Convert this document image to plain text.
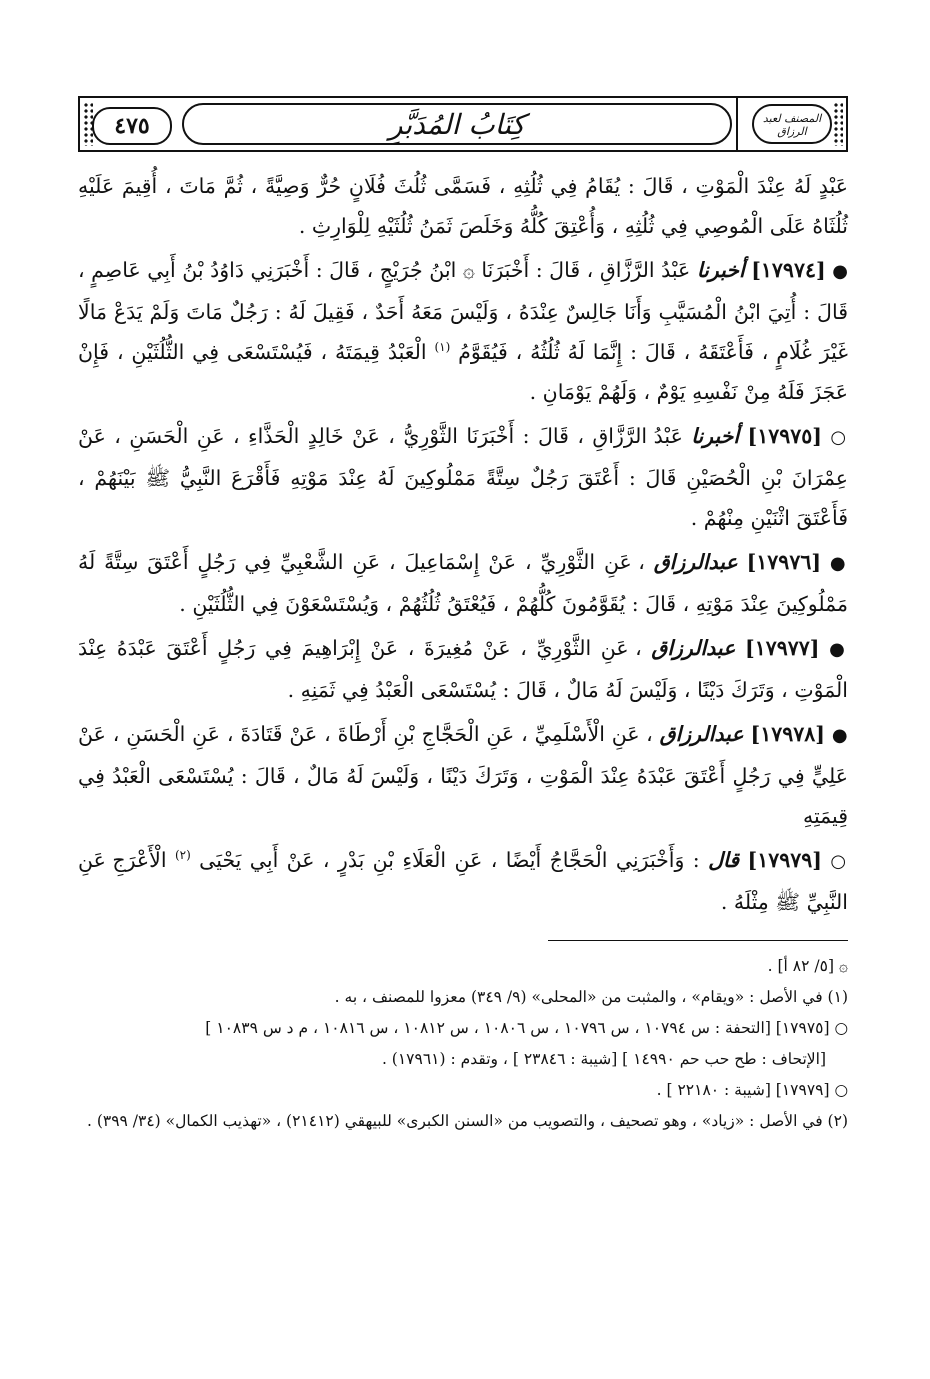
٤٧٥	كِتَابُ المُدَبَّرِ	المصنف لعبد الرزاق

عَبْدٍ لَهُ عِنْدَ الْمَوْتِ ، قَالَ : يُقَامُ فِي ثُلُثِهِ ، فَسَمَّى ثُلُثَ فُلَانٍ حُرٌّ وَصِيَّةً ، ثُمَّ مَاتَ ، أُقِيمَ عَلَيْهِ ثُلُثَاهُ عَلَى الْمُوصِي فِي ثُلُثِهِ ، وَأُعْتِقَ كُلُّهُ وَخَلَصَ ثَمَنُ ثُلُثَيْهِ لِلْوَارِثِ .

● [١٧٩٧٤] أخبرنا عَبْدُ الرَّزَّاقِ ، قَالَ : أَخْبَرَنَا ۞ ابْنُ جُرَيْجٍ ، قَالَ : أَخْبَرَنِي دَاوُدُ بْنُ أَبِي عَاصِمٍ ، قَالَ : أُتِيَ ابْنُ الْمُسَيَّبِ وَأَنَا جَالِسٌ عِنْدَهُ ، وَلَيْسَ مَعَهُ أَحَدٌ ، فَقِيلَ لَهُ : رَجُلٌ مَاتَ وَلَمْ يَدَعْ مَالًا غَيْرَ غُلَامٍ ، فَأَعْتَقَهُ ، قَالَ : إِنَّمَا لَهُ ثُلُثُهُ ، فَيُقَوَّمُ $^{(١)}$ الْعَبْدُ قِيمَتَهُ ، فَيُسْتَسْعَى فِي الثُّلُثَيْنِ ، فَإِنْ عَجَزَ فَلَهُ مِنْ نَفْسِهِ يَوْمٌ ، وَلَهُمْ يَوْمَانِ .

○ [١٧٩٧٥] أخبرنا عَبْدُ الرَّزَّاقِ ، قَالَ : أَخْبَرَنَا الثَّوْرِيُّ ، عَنْ خَالِدٍ الْحَذَّاءِ ، عَنِ الْحَسَنِ ، عَنْ عِمْرَانَ بْنِ الْحُصَيْنِ قَالَ : أَعْتَقَ رَجُلٌ سِتَّةً مَمْلُوكِينَ لَهُ عِنْدَ مَوْتِهِ فَأَقْرَعَ النَّبِيُّ ﷺ بَيْنَهُمْ ، فَأَعْتَقَ اثْنَيْنِ مِنْهُمْ .

● [١٧٩٧٦] عبدالرزاق ، عَنِ الثَّوْرِيِّ ، عَنْ إِسْمَاعِيلَ ، عَنِ الشَّعْبِيِّ فِي رَجُلٍ أَعْتَقَ سِتَّةً لَهُ مَمْلُوكِينَ عِنْدَ مَوْتِهِ ، قَالَ : يُقَوَّمُونَ كُلُّهُمْ ، فَيُعْتَقُ ثُلُثُهُمْ ، وَيُسْتَسْعَوْنَ فِي الثُّلُثَيْنِ .

● [١٧٩٧٧] عبدالرزاق ، عَنِ الثَّوْرِيِّ ، عَنْ مُغِيرَةَ ، عَنْ إِبْرَاهِيمَ فِي رَجُلٍ أَعْتَقَ عَبْدَهُ عِنْدَ الْمَوْتِ ، وَتَرَكَ دَيْنًا ، وَلَيْسَ لَهُ مَالٌ ، قَالَ : يُسْتَسْعَى الْعَبْدُ فِي ثَمَنِهِ .

● [١٧٩٧٨] عبدالرزاق ، عَنِ الْأَسْلَمِيِّ ، عَنِ الْحَجَّاجِ بْنِ أَرْطَاةَ ، عَنْ قَتَادَةَ ، عَنِ الْحَسَنِ ، عَنْ عَلِيٍّ فِي رَجُلٍ أَعْتَقَ عَبْدَهُ عِنْدَ الْمَوْتِ ، وَتَرَكَ دَيْنًا ، وَلَيْسَ لَهُ مَالٌ ، قَالَ : يُسْتَسْعَى الْعَبْدُ فِي قِيمَتِهِ

○ [١٧٩٧٩] قال : وَأَخْبَرَنِي الْحَجَّاجُ أَيْضًا ، عَنِ الْعَلَاءِ بْنِ بَدْرٍ ، عَنْ أَبِي يَحْيَى $^{(٢)}$ الْأَعْرَجِ عَنِ النَّبِيِّ ﷺ مِثْلَهُ .

۞ [٥/ ٨٢ أ] .
(١) في الأصل : «ويقام» ، والمثبت من «المحلى» (٩/ ٣٤٩) معزوا للمصنف ، به .
○ [١٧٩٧٥] [التحفة : س ١٠٧٩٤ ، س ١٠٧٩٦ ، س ١٠٨٠٦ ، س ١٠٨١٢ ، س ١٠٨١٦ ، م د س ١٠٨٣٩ ]
[الإتحاف : طح حب حم ١٤٩٩٠ ] [شيبة : ٢٣٨٤٦ ] ، وتقدم : (١٧٩٦١) .
○ [١٧٩٧٩] [شيبة : ٢٢١٨٠ ] .
(٢) في الأصل : «زياد» ، وهو تصحيف ، والتصويب من «السنن الكبرى» للبيهقي (٢١٤١٢) ، «تهذيب الكمال» (٣٤/ ٣٩٩) .
